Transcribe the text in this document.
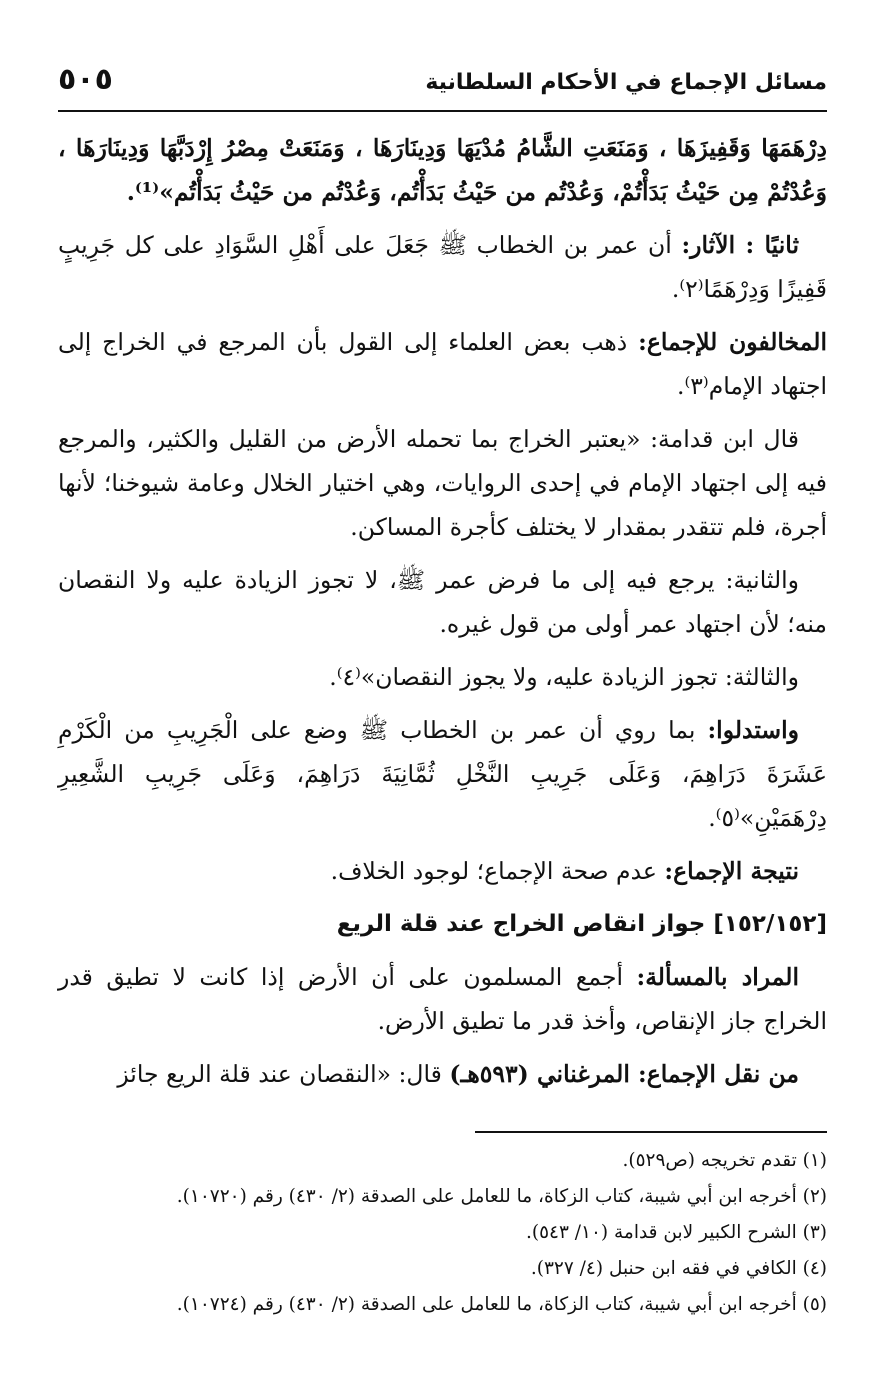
مسائل الإجماع في الأحكام السلطانية
٥٠٥

دِرْهَمَهَا وَقَفِيزَهَا ، وَمَنَعَتِ الشَّامُ مُدْيَهَا وَدِينَارَهَا ، وَمَنَعَتْ مِصْرُ إِرْدَبَّهَا وَدِينَارَهَا ، وَعُدْتُمْ مِن حَيْثُ بَدَأْتُمْ، وَعُدْتُم من حَيْثُ بَدَأْتُم، وَعُدْتُم من حَيْثُ بَدَأْتُم»⁽¹⁾.

ثانيًا : الآثار: أن عمر بن الخطاب ﷺ جَعَلَ على أَهْلِ السَّوَادِ على كل جَرِيبٍ قَفِيزًا وَدِرْهَمًا⁽٢⁾.

المخالفون للإجماع: ذهب بعض العلماء إلى القول بأن المرجع في الخراج إلى اجتهاد الإمام⁽٣⁾.

قال ابن قدامة: «يعتبر الخراج بما تحمله الأرض من القليل والكثير، والمرجع فيه إلى اجتهاد الإمام في إحدى الروايات، وهي اختيار الخلال وعامة شيوخنا؛ لأنها أجرة، فلم تتقدر بمقدار لا يختلف كأجرة المساكن.

والثانية: يرجع فيه إلى ما فرض عمر ﷺ، لا تجوز الزيادة عليه ولا النقصان منه؛ لأن اجتهاد عمر أولى من قول غيره.

والثالثة: تجوز الزيادة عليه، ولا يجوز النقصان»⁽٤⁾.

واستدلوا: بما روي أن عمر بن الخطاب ﷺ وضع على الْجَرِيبِ من الْكَرْمِ عَشَرَةَ دَرَاهِمَ، وَعَلَى جَرِيبِ النَّخْلِ ثُمَّانِيَةَ دَرَاهِمَ، وَعَلَى جَرِيبِ الشَّعِيرِ دِرْهَمَيْنِ»⁽٥⁾.

نتيجة الإجماع: عدم صحة الإجماع؛ لوجود الخلاف.

[١٥٢/١٥٢] جواز انقاص الخراج عند قلة الريع

المراد بالمسألة: أجمع المسلمون على أن الأرض إذا كانت لا تطيق قدر الخراج جاز الإنقاص، وأخذ قدر ما تطيق الأرض.

من نقل الإجماع: المرغناني (٥٩٣هـ) قال: «النقصان عند قلة الريع جائز

(١) تقدم تخريجه (ص٥٢٩).
(٢) أخرجه ابن أبي شيبة، كتاب الزكاة، ما للعامل على الصدقة (٢/ ٤٣٠) رقم (١٠٧٢٠).
(٣) الشرح الكبير لابن قدامة (١٠/ ٥٤٣).
(٤) الكافي في فقه ابن حنبل (٤/ ٣٢٧).
(٥) أخرجه ابن أبي شيبة، كتاب الزكاة، ما للعامل على الصدقة (٢/ ٤٣٠) رقم (١٠٧٢٤).
